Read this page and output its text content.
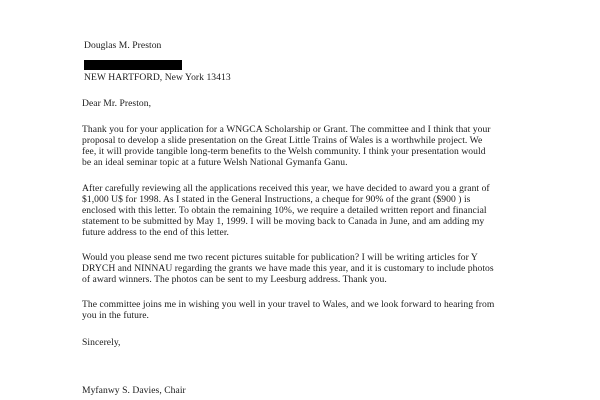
Douglas M. Preston
NEW HARTFORD, New York 13413
Dear Mr. Preston,
Thank you for your application for a WNGCA Scholarship or Grant. The committee and I think that your
proposal to develop a slide presentation on the Great Little Trains of Wales is a worthwhile project. We
fee, it will provide tangible long-term benefits to the Welsh community. I think your presentation would
be an ideal seminar topic at a future Welsh National Gymanfa Ganu.
After carefully reviewing all the applications received this year, we have decided to award you a grant of
$1,000 U$ for 1998. As I stated in the General Instructions, a cheque for 90% of the grant ($900 ) is
enclosed with this letter. To obtain the remaining 10%, we require a detailed written report and financial
statement to be submitted by May 1, 1999. I will be moving back to Canada in June, and am adding my
future address to the end of this letter.
Would you please send me two recent pictures suitable for publication? I will be writing articles for Y
DRYCH and NINNAU regarding the grants we have made this year, and it is customary to include photos
of award winners. The photos can be sent to my Leesburg address. Thank you.
The committee joins me in wishing you well in your travel to Wales, and we look forward to hearing from
you in the future.
Sincerely,
Myfanwy S. Davies, Chair
